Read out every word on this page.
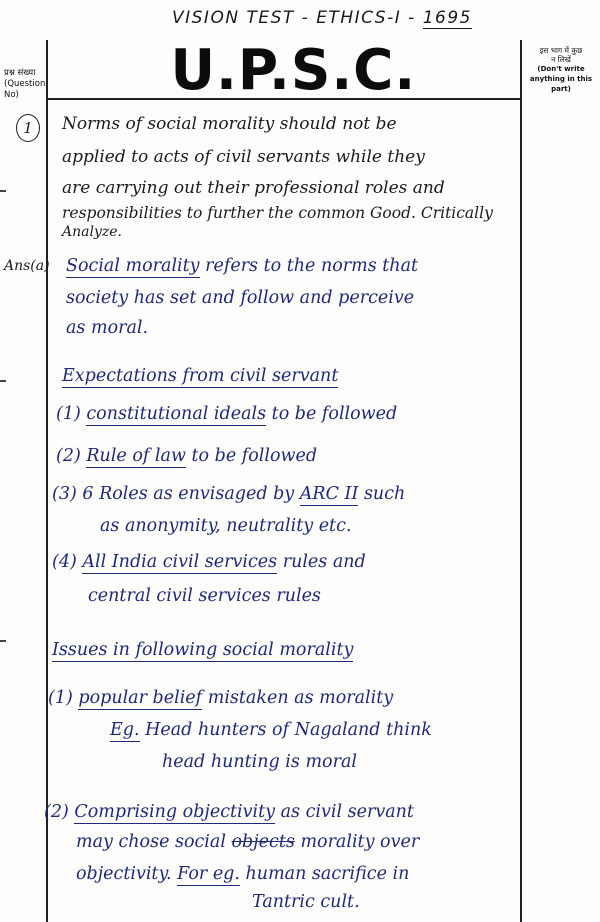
VISION TEST - ETHICS-I - 1695
U.P.S.C.
प्रश्न संख्या
(Question No)
इस भाग में कुछ
न लिखें
(Don't write anything in this part)
1	Norms of social morality should not be
applied to acts of civil servants while they
are carrying out their professional roles and
responsibilities to further the common Good. Critically
Analyze.
Ans(a) Social morality refers to the norms that
society has set and follow and perceive
as moral.
Expectations from civil servant
(1) constitutional ideals to be followed
(2) Rule of law to be followed
(3) 6 Roles as envisaged by ARC II such
as anonymity, neutrality etc.
(4) All India civil services rules and
central civil services rules
Issues in following social morality
(1) popular belief mistaken as morality
Eg. Head hunters of Nagaland think
head hunting is moral
(2) Comprising objectivity as civil servant
may chose social objects morality over
objectivity. For eg. human sacrifice in
Tantric cult.
